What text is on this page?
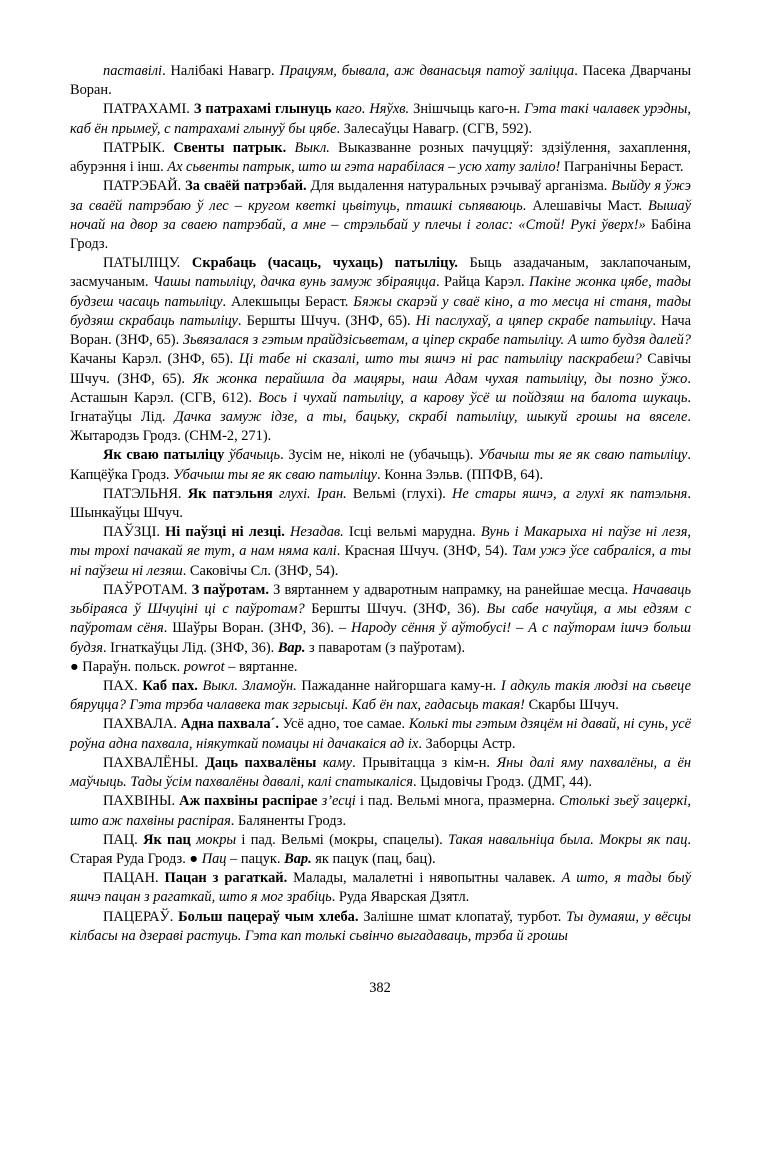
паставілі. Налібакі Навагр. Працуям, бывала, аж дванасьця патоў заліцца. Пасека Дварчаны Воран.

ПАТРАХАМІ. З патрахамі глынуць каго. Няўхв. Знішчыць каго-н. Гэта такі чалавек урэдны, каб ён прымеў, с патрахамі глынуў бы цябе. Залесаўцы Навагр. (СГВ, 592).

ПАТРЫК. Свенты патрык. Выкл. Выказванне розных пачуццяў: здзіўлення, захаплення, абурэння і інш. Ах сьвенты патрык, што ш гэта нарабілася – усю хату заліло! Пагранічны Бераст.

ПАТРЭБАЙ. За сваёй патрэбай. Для выдалення натуральных рэчываў арганізма. Выйду я ўжэ за сваёй патрэбаю ў лес – кругом кветкі цьвітуць, пташкі сьпяваюць. Алешавічы Маст. Вышаў ночай на двор за сваею патрэбай, а мне – стрэльбай у плечы і голас: «Стой! Рукі ўверх!» Бабіна Гродз.

ПАТЫЛІЦУ. Скрабаць (часаць, чухаць) патыліцу. Быць азадачаным, заклапочаным, засмучаным. Чашы патыліцу, дачка вунь замуж збіраяцца. Райца Карэл. Пакіне жонка цябе, тады будзеш часаць патыліцу. Алекшыцы Бераст. Бяжы скарэй у сваё кіно, а то месца ні станя, тады будзяш скрабаць патыліцу. Бершты Шчуч. (ЗНФ, 65). Ні паслухаў, а цяпер скрабе патыліцу. Нача Воран. (ЗНФ, 65). Зьвязалася з гэтым прайдзісьветам, а ціпер скрабе патыліцу. А што будзя далей? Качаны Карэл. (ЗНФ, 65). Ці табе ні сказалі, што ты яшчэ ні рас патыліцу паскрабеш? Савічы Шчуч. (ЗНФ, 65). Як жонка перайшла да мацяры, наш Адам чухая патыліцу, ды позно ўжо. Асташын Карэл. (СГВ, 612). Вось і чухай патыліцу, а карову ўсё ш пойдзяш на балота шукаць. Ігнатаўцы Лід. Дачка замуж ідзе, а ты, бацьку, скрабі патыліцу, шыкуй грошы на вяселе. Жытародзь Гродз. (СНМ-2, 271).

Як сваю патыліцу ўбачыць. Зусім не, ніколі не (убачыць). Убачыш ты яе як сваю патыліцу. Капцёўка Гродз. Убачыш ты яе як сваю патыліцу. Конна Зэльв. (ППФВ, 64).

ПАТЭЛЬНЯ. Як патэльня глухі. Іран. Вельмі (глухі). Не стары яшчэ, а глухі як патэльня. Шынкаўцы Шчуч.

ПАЎЗЦІ. Ні паўзці ні лезці. Незадав. Ісці вельмі марудна. Вунь і Макарыха ні паўзе ні лезя, ты трохі пачакай яе тут, а нам няма калі. Красная Шчуч. (ЗНФ, 54). Там ужэ ўсе сабраліся, а ты ні паўзеш ні лезяш. Саковічы Сл. (ЗНФ, 54).

ПАЎРОТАМ. З паўротам. З вяртаннем у адваротным напрамку, на ранейшае месца. Начаваць зьбіраяса ў Шчуціні ці с паўротам? Бершты Шчуч. (ЗНФ, 36). Вы сабе начуйця, а мы едзям с паўротам сёня. Шаўры Воран. (ЗНФ, 36). – Народу сёння ў аўтобусі! – А с паўторам ішчэ больш будзя. Ігнаткаўцы Лід. (ЗНФ, 36). Вар. з паваротам (з паўротам).

● Параўн. польск. powrоt – вяртанне.

ПАХ. Каб пах. Выкл. Зламоўн. Пажаданне найгоршага каму-н. І адкуль такія людзі на сьвеце бяруцца? Гэта трэба чалавека так згрысьці. Каб ён пах, гадасьць такая! Скарбы Шчуч.

ПАХВАЛА. Адна пахвала´. Усё адно, тое самае. Колькі ты гэтым дзяцём ні давай, ні сунь, усё роўна адна пахвала, ніякуткай помацы ні дачакаіся ад іх. Заборцы Астр.

ПАХВАЛЁНЫ. Даць пахвалёны каму. Прывітацца з кім-н. Яны далі яму пахвалёны, а ён маўчыць. Тады ўсім пахвалёны давалі, калі спатыкаліся. Цыдовічы Гродз. (ДМГ, 44).

ПАХВІНЫ. Аж пахвіны распірае з’есці і пад. Вельмі многа, празмерна. Столькі зьеў зацеркі, што аж пахвіны распірая. Баляненты Гродз.

ПАЦ. Як пац мокры і пад. Вельмі (мокры, спацелы). Такая навальніца была. Мокры як пац. Старая Руда Гродз. ● Пац – пацук. Вар. як пацук (пац, бац).

ПАЦАН. Пацан з рагаткай. Малады, малалетні і нявопытны чалавек. А што, я тады быў яшчэ пацан з рагаткай, што я мог зрабіць. Руда Яварская Дзятл.

ПАЦЕРАЎ. Больш пацераў чым хлеба. Залішне шмат клопатаў, турбот. Ты думаяш, у вёсцы кілбасы на дзераві растуць. Гэта кап толькі сьвінчо выгадаваць, трэба й грошы

382
